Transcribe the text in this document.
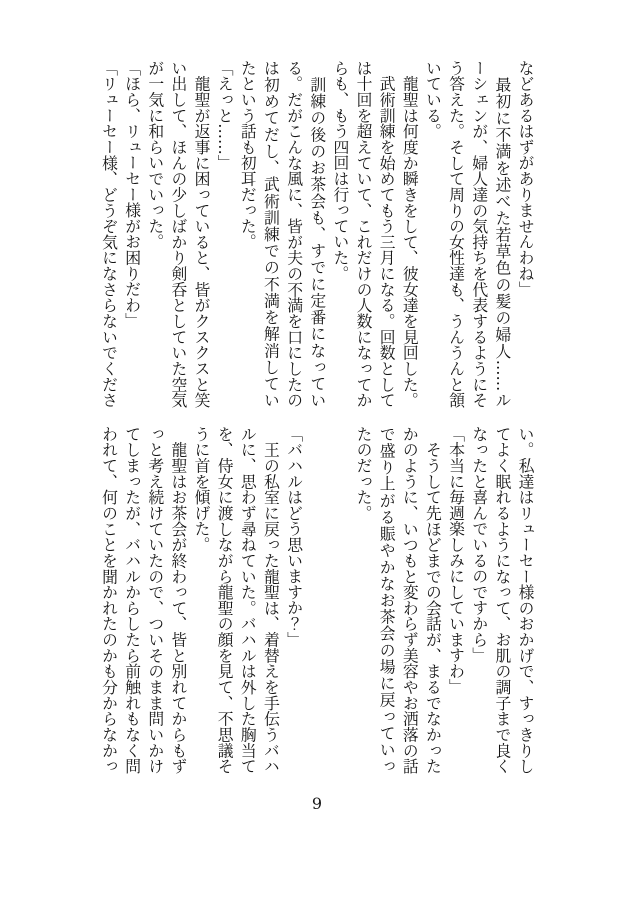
などあるはずがありませんわね」
　最初に不満を述べた若草色の髪の婦人……ル
ーシェンが、婦人達の気持ちを代表するようにそ
う答えた。そして周りの女性達も、うんうんと頷
いている。
　龍聖は何度か瞬きをして、彼女達を見回した。
　武術訓練を始めてもう三月になる。回数として
は十回を超えていて、これだけの人数になってか
らも、もう四回は行っていた。
　訓練の後のお茶会も、すでに定番になってい
る。だがこんな風に、皆が夫の不満を口にしたの
は初めてだし、武術訓練での不満を解消してい
たという話も初耳だった。
「えっと……」
　龍聖が返事に困っていると、皆がクスクスと笑
い出して、ほんの少しばかり剣呑としていた空気
が一気に和らいでいった。
「ほら、リューセー様がお困りだわ」
「リューセー様、どうぞ気になさらないでくださ
い。私達はリューセー様のおかげで、すっきりし
てよく眠れるようになって、お肌の調子まで良く
なったと喜んでいるのですから」
「本当に毎週楽しみにしていますわ」
　そうして先ほどまでの会話が、まるでなかった
かのように、いつもと変わらず美容やお洒落の話
で盛り上がる賑やかなお茶会の場に戻っていっ
たのだった。
「バハルはどう思いますか？」
　王の私室に戻った龍聖は、着替えを手伝うバハ
ルに、思わず尋ねていた。バハルは外した胸当て
を、侍女に渡しながら龍聖の顔を見て、不思議そ
うに首を傾げた。
　龍聖はお茶会が終わって、皆と別れてからもず
っと考え続けていたので、ついそのまま問いかけ
てしまったが、バハルからしたら前触れもなく問
われて、何のことを聞かれたのかも分からなかっ
9
